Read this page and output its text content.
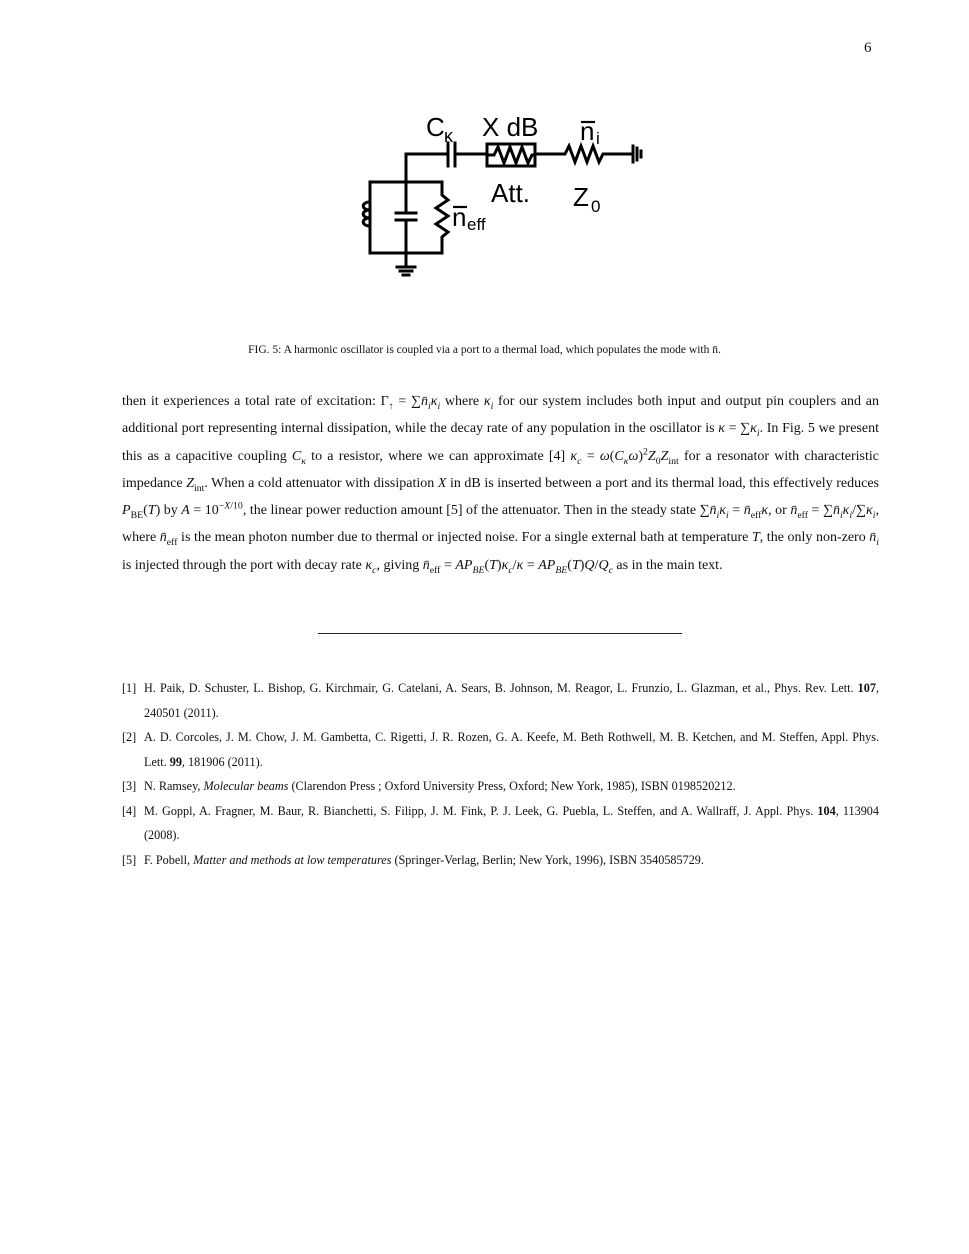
6
C κ X dB n i
Att. Z 0
n eff
FIG. 5: A harmonic oscillator is coupled via a port to a thermal load, which populates the mode with n̄.

then it experiences a total rate of excitation: $\Gamma_↑$ = $\sum n̄_i\kappa_i$ where $\kappa_i$ for our system includes both input and output pin couplers and an additional port representing internal dissipation, while the decay rate of any population in the oscillator is $\kappa = \sum\kappa_i$. In Fig. 5 we present this as a capacitive coupling $C_\kappa$ to a resistor, where we can approximate [4] $\kappa_c = \omega(C_\kappa\omega)^2Z_0Z_{int}$ for a resonator with characteristic impedance $Z_{int}$. When a cold attenuator with dissipation X in dB is inserted between a port and its thermal load, this effectively reduces $P_{BE}(T)$ by $A = 10^{-X/10}$, the linear power reduction amount [5] of the attenuator. Then in the steady state $\sum n̄_i\kappa_i$ = $n̄_{eff}\kappa$, or $n̄_{eff}$ = $\sum n̄_i\kappa_i/\sum\kappa_i$, where $n̄_{eff}$ is the mean photon number due to thermal or injected noise. For a single external bath at temperature T, the only non-zero $n̄_i$ is injected through the port with decay rate $\kappa_c$, giving $n̄_{eff} = AP_{BE}(T)\kappa_c/\kappa = AP_{BE}(T)Q/Q_c$ as in the main text.

[1] H. Paik, D. Schuster, L. Bishop, G. Kirchmair, G. Catelani, A. Sears, B. Johnson, M. Reagor, L. Frunzio, L. Glazman, et al., Phys. Rev. Lett. 107, 240501 (2011).
[2] A. D. Corcoles, J. M. Chow, J. M. Gambetta, C. Rigetti, J. R. Rozen, G. A. Keefe, M. Beth Rothwell, M. B. Ketchen, and M. Steffen, Appl. Phys. Lett. 99, 181906 (2011).
[3] N. Ramsey, Molecular beams (Clarendon Press ; Oxford University Press, Oxford; New York, 1985), ISBN 0198520212.
[4] M. Goppl, A. Fragner, M. Baur, R. Bianchetti, S. Filipp, J. M. Fink, P. J. Leek, G. Puebla, L. Steffen, and A. Wallraff, J. Appl. Phys. 104, 113904 (2008).
[5] F. Pobell, Matter and methods at low temperatures (Springer-Verlag, Berlin; New York, 1996), ISBN 3540585729.
